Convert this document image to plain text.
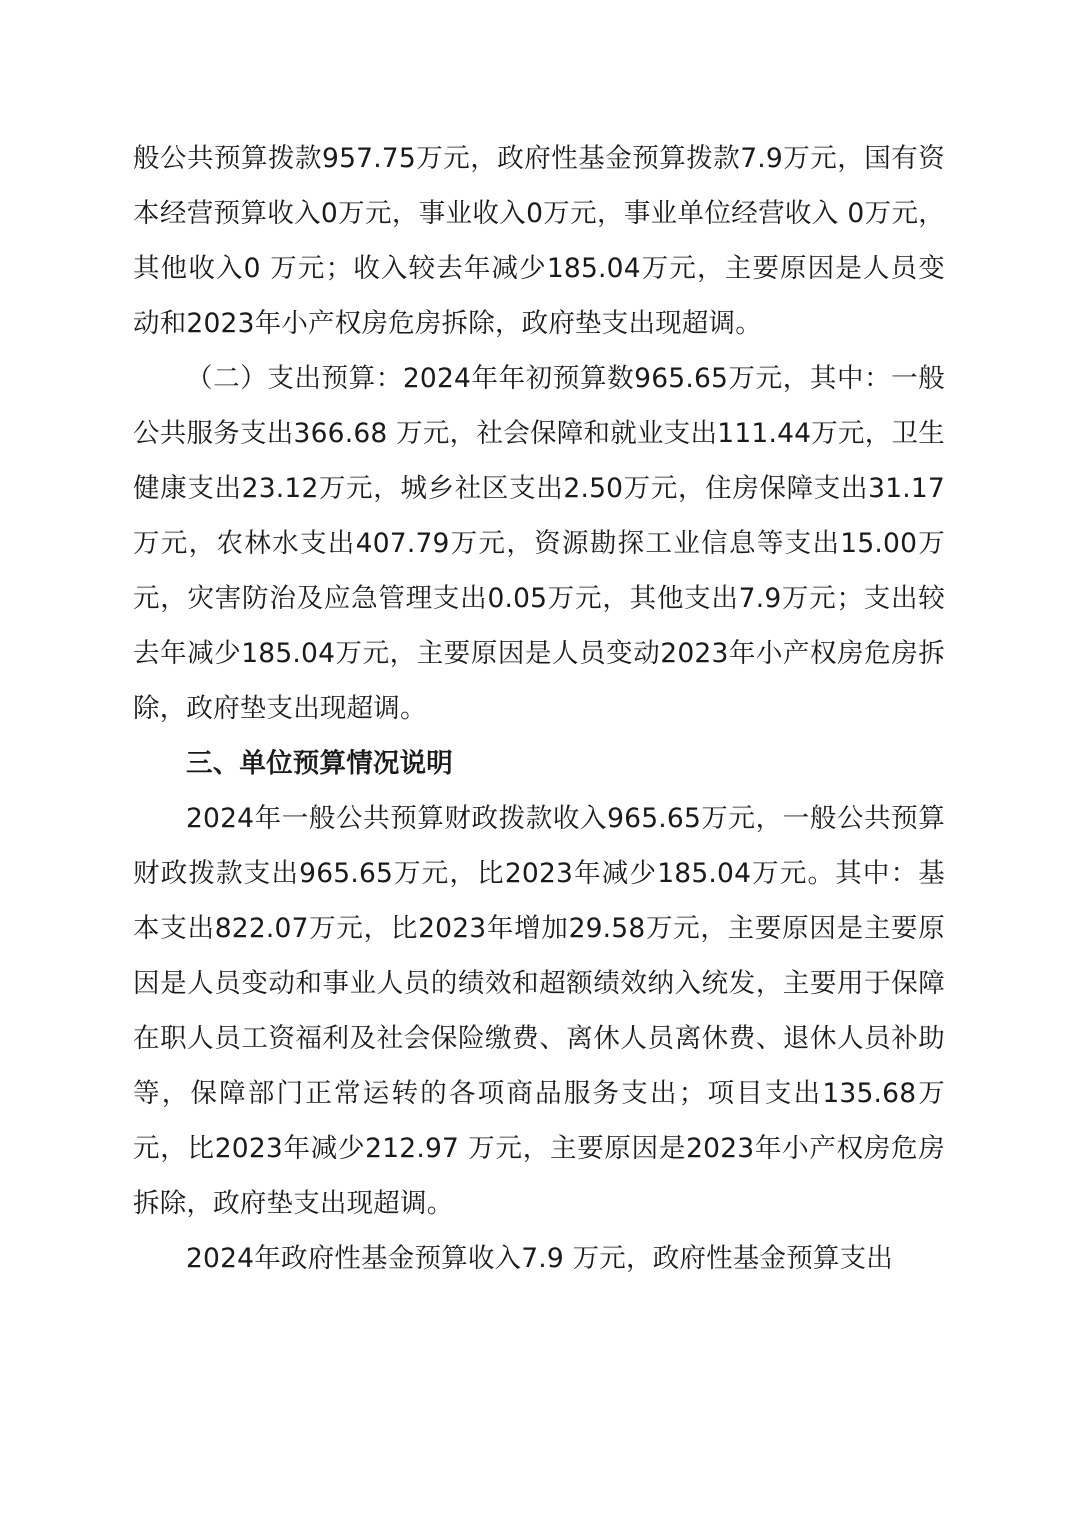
般公共预算拨款957.75万元，政府性基金预算拨款7.9万元，国有资本经营预算收入0万元，事业收入0万元，事业单位经营收入 0万元，其他收入0 万元；收入较去年减少185.04万元，主要原因是人员变动和2023年小产权房危房拆除，政府垫支出现超调。

（二）支出预算：2024年年初预算数965.65万元，其中：一般公共服务支出366.68 万元，社会保障和就业支出111.44万元，卫生健康支出23.12万元，城乡社区支出2.50万元，住房保障支出31.17万元，农林水支出407.79万元，资源勘探工业信息等支出15.00万元，灾害防治及应急管理支出0.05万元，其他支出7.9万元；支出较去年减少185.04万元，主要原因是人员变动2023年小产权房危房拆除，政府垫支出现超调。

三、单位预算情况说明

2024年一般公共预算财政拨款收入965.65万元，一般公共预算财政拨款支出965.65万元，比2023年减少185.04万元。其中：基本支出822.07万元，比2023年增加29.58万元，主要原因是主要原因是人员变动和事业人员的绩效和超额绩效纳入统发，主要用于保障在职人员工资福利及社会保险缴费、离休人员离休费、退休人员补助等，保障部门正常运转的各项商品服务支出；项目支出135.68万元，比2023年减少212.97 万元，主要原因是2023年小产权房危房拆除，政府垫支出现超调。

2024年政府性基金预算收入7.9 万元，政府性基金预算支出
